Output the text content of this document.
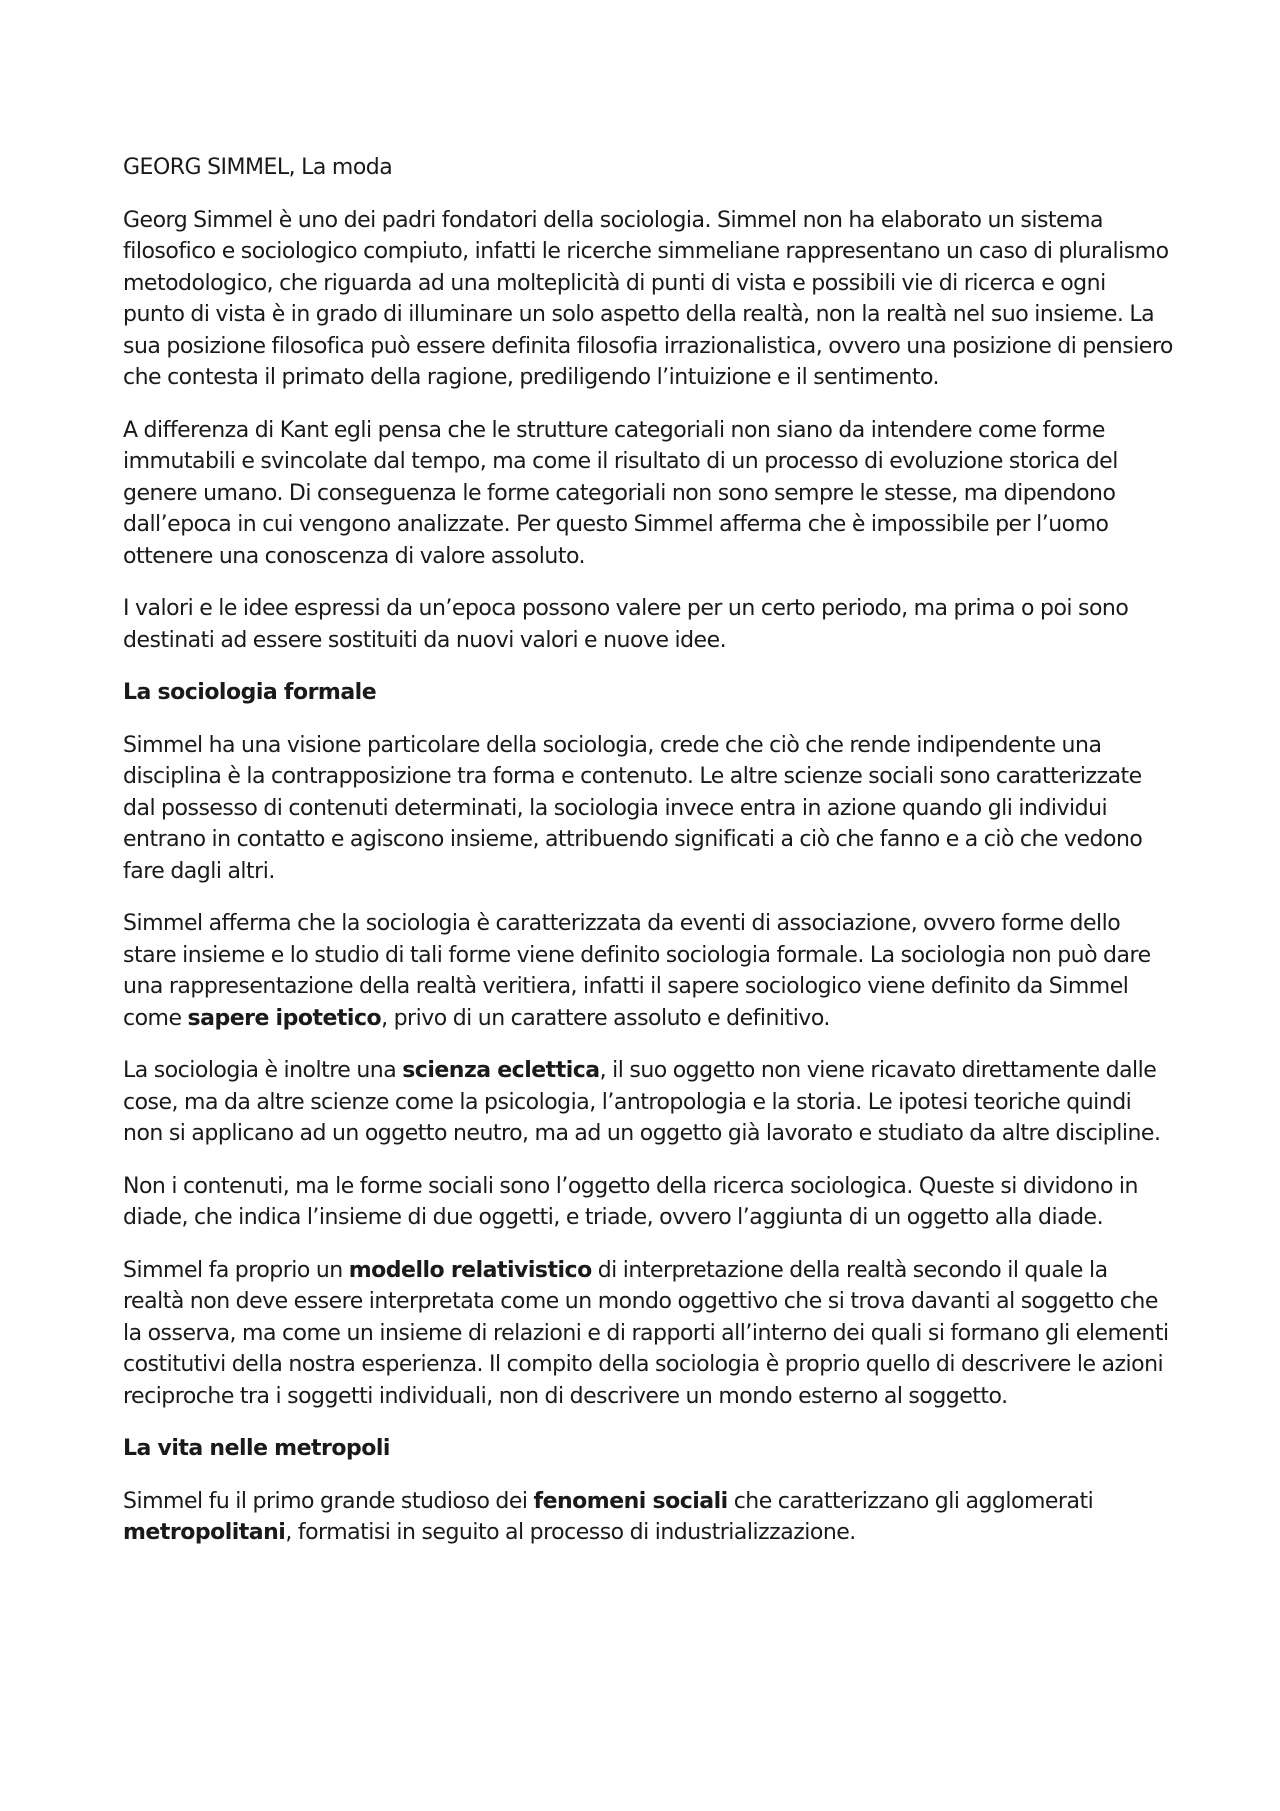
GEORG SIMMEL, La moda

Georg Simmel è uno dei padri fondatori della sociologia. Simmel non ha elaborato un sistema filosofico e sociologico compiuto, infatti le ricerche simmeliane rappresentano un caso di pluralismo metodologico, che riguarda ad una molteplicità di punti di vista e possibili vie di ricerca e ogni punto di vista è in grado di illuminare un solo aspetto della realtà, non la realtà nel suo insieme. La sua posizione filosofica può essere definita filosofia irrazionalistica, ovvero una posizione di pensiero che contesta il primato della ragione, prediligendo l’intuizione e il sentimento.

A differenza di Kant egli pensa che le strutture categoriali non siano da intendere come forme immutabili e svincolate dal tempo, ma come il risultato di un processo di evoluzione storica del genere umano. Di conseguenza le forme categoriali non sono sempre le stesse, ma dipendono dall’epoca in cui vengono analizzate. Per questo Simmel afferma che è impossibile per l’uomo ottenere una conoscenza di valore assoluto.

I valori e le idee espressi da un’epoca possono valere per un certo periodo, ma prima o poi sono destinati ad essere sostituiti da nuovi valori e nuove idee.

La sociologia formale

Simmel ha una visione particolare della sociologia, crede che ciò che rende indipendente una disciplina è la contrapposizione tra forma e contenuto. Le altre scienze sociali sono caratterizzate dal possesso di contenuti determinati, la sociologia invece entra in azione quando gli individui entrano in contatto e agiscono insieme, attribuendo significati a ciò che fanno e a ciò che vedono fare dagli altri.

Simmel afferma che la sociologia è caratterizzata da eventi di associazione, ovvero forme dello stare insieme e lo studio di tali forme viene definito sociologia formale. La sociologia non può dare una rappresentazione della realtà veritiera, infatti il sapere sociologico viene definito da Simmel come sapere ipotetico, privo di un carattere assoluto e definitivo.

La sociologia è inoltre una scienza eclettica, il suo oggetto non viene ricavato direttamente dalle cose, ma da altre scienze come la psicologia, l’antropologia e la storia. Le ipotesi teoriche quindi non si applicano ad un oggetto neutro, ma ad un oggetto già lavorato e studiato da altre discipline.

Non i contenuti, ma le forme sociali sono l’oggetto della ricerca sociologica. Queste si dividono in diade, che indica l’insieme di due oggetti, e triade, ovvero l’aggiunta di un oggetto alla diade.

Simmel fa proprio un modello relativistico di interpretazione della realtà secondo il quale la realtà non deve essere interpretata come un mondo oggettivo che si trova davanti al soggetto che la osserva, ma come un insieme di relazioni e di rapporti all’interno dei quali si formano gli elementi costitutivi della nostra esperienza. Il compito della sociologia è proprio quello di descrivere le azioni reciproche tra i soggetti individuali, non di descrivere un mondo esterno al soggetto.

La vita nelle metropoli

Simmel fu il primo grande studioso dei fenomeni sociali che caratterizzano gli agglomerati metropolitani, formatisi in seguito al processo di industrializzazione.
